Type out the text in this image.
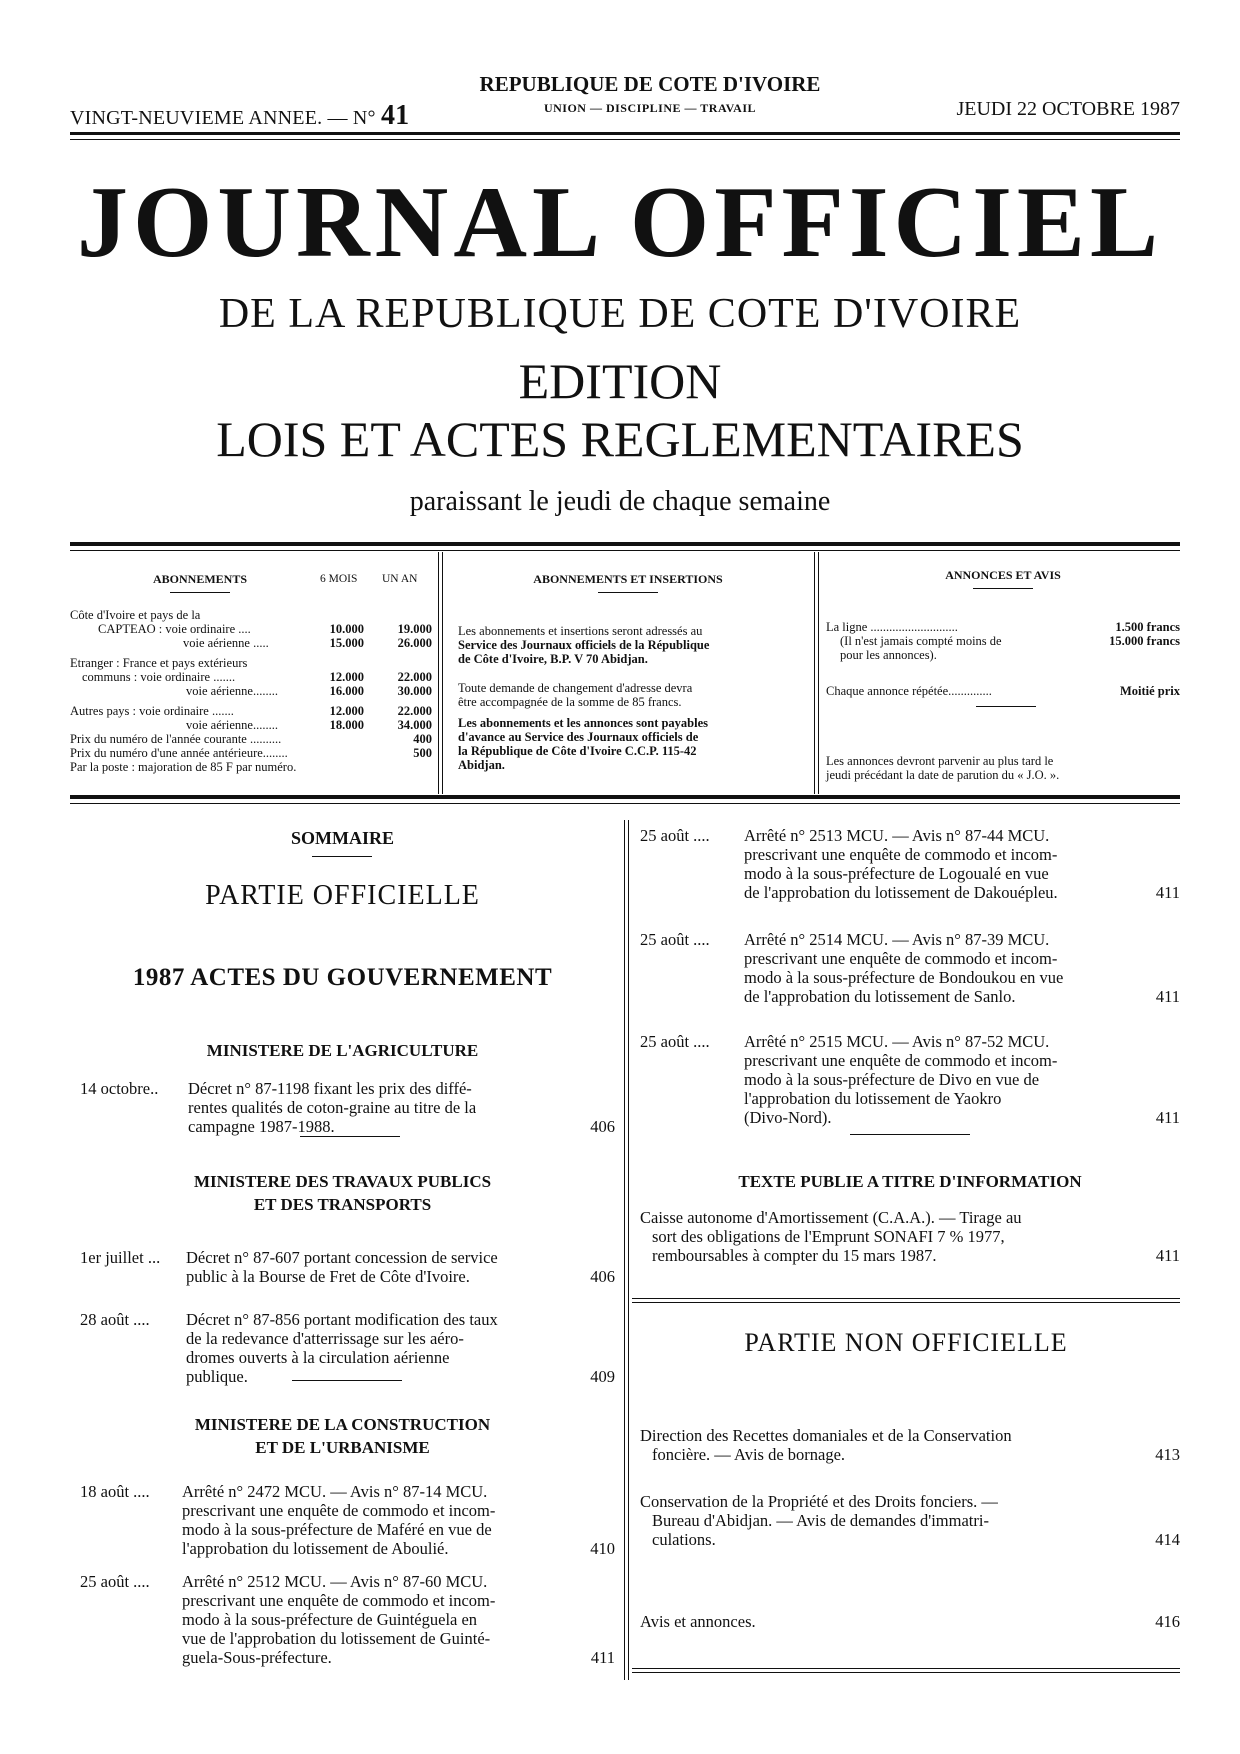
VINGT-NEUVIEME ANNEE. — N° 41
REPUBLIQUE DE COTE D'IVOIRE
UNION — DISCIPLINE — TRAVAIL	JEUDI 22 OCTOBRE 1987
JOURNAL OFFICIEL
DE LA REPUBLIQUE DE COTE D'IVOIRE
EDITION
LOIS ET ACTES REGLEMENTAIRES
paraissant le jeudi de chaque semaine
ABONNEMENTS	6 MOIS UN AN
Côte d'Ivoire et pays de la
CAPTEAO : voie ordinaire ....	10.000	19.000
voie aérienne .....	15.000	26.000
Etranger : France et pays extérieurs
communs : voie ordinaire .......	12.000	22.000
voie aérienne........	16.000	30.000
Autres pays : voie ordinaire .......	12.000	22.000
voie aérienne........	18.000	34.000
Prix du numéro de l'année courante ..........	400
Prix du numéro d'une année antérieure........	500
Par la poste : majoration de 85 F par numéro.
ABONNEMENTS ET INSERTIONS
Les abonnements et insertions seront adressés au
Service des Journaux officiels de la République
de Côte d'Ivoire, B.P. V 70 Abidjan.
Toute demande de changement d'adresse devra
être accompagnée de la somme de 85 francs.
Les abonnements et les annonces sont payables
d'avance au Service des Journaux officiels de
la République de Côte d'Ivoire C.C.P. 115-42
Abidjan.
ANNONCES ET AVIS
La ligne ............................	1.500 francs
(Il n'est jamais compté moins de	15.000 francs
pour les annonces).
Chaque annonce répétée..............	Moitié prix
Les annonces devront parvenir au plus tard le
jeudi précédant la date de parution du « J.O. ».
SOMMAIRE
PARTIE OFFICIELLE
1987 ACTES DU GOUVERNEMENT
MINISTERE DE L'AGRICULTURE
14 octobre.. Décret n° 87-1198 fixant les prix des diffé-
rentes qualités de coton-graine au titre de la
campagne 1987-1988.	406
MINISTERE DES TRAVAUX PUBLICS
ET DES TRANSPORTS
1er juillet ... Décret n° 87-607 portant concession de service
public à la Bourse de Fret de Côte d'Ivoire.	406
28 août .... Décret n° 87-856 portant modification des taux
de la redevance d'atterrissage sur les aéro-
dromes ouverts à la circulation aérienne
publique.	409
MINISTERE DE LA CONSTRUCTION
ET DE L'URBANISME
18 août .... Arrêté n° 2472 MCU. — Avis n° 87-14 MCU.
prescrivant une enquête de commodo et incom-
modo à la sous-préfecture de Maféré en vue de
l'approbation du lotissement de Aboulié.	410
25 août .... Arrêté n° 2512 MCU. — Avis n° 87-60 MCU.
prescrivant une enquête de commodo et incom-
modo à la sous-préfecture de Guintéguela en
vue de l'approbation du lotissement de Guinté-
guela-Sous-préfecture.	411
25 août .... Arrêté n° 2513 MCU. — Avis n° 87-44 MCU.
prescrivant une enquête de commodo et incom-
modo à la sous-préfecture de Logoualé en vue
de l'approbation du lotissement de Dakouépleu.	411
25 août .... Arrêté n° 2514 MCU. — Avis n° 87-39 MCU.
prescrivant une enquête de commodo et incom-
modo à la sous-préfecture de Bondoukou en vue
de l'approbation du lotissement de Sanlo.	411
25 août .... Arrêté n° 2515 MCU. — Avis n° 87-52 MCU.
prescrivant une enquête de commodo et incom-
modo à la sous-préfecture de Divo en vue de
l'approbation du lotissement de Yaokro
(Divo-Nord).	411
TEXTE PUBLIE A TITRE D'INFORMATION
Caisse autonome d'Amortissement (C.A.A.). — Tirage au
sort des obligations de l'Emprunt SONAFI 7 % 1977,
remboursables à compter du 15 mars 1987.	411
PARTIE NON OFFICIELLE
Direction des Recettes domaniales et de la Conservation
foncière. — Avis de bornage.	413
Conservation de la Propriété et des Droits fonciers. —
Bureau d'Abidjan. — Avis de demandes d'immatri-
culations.	414
Avis et annonces.	416
